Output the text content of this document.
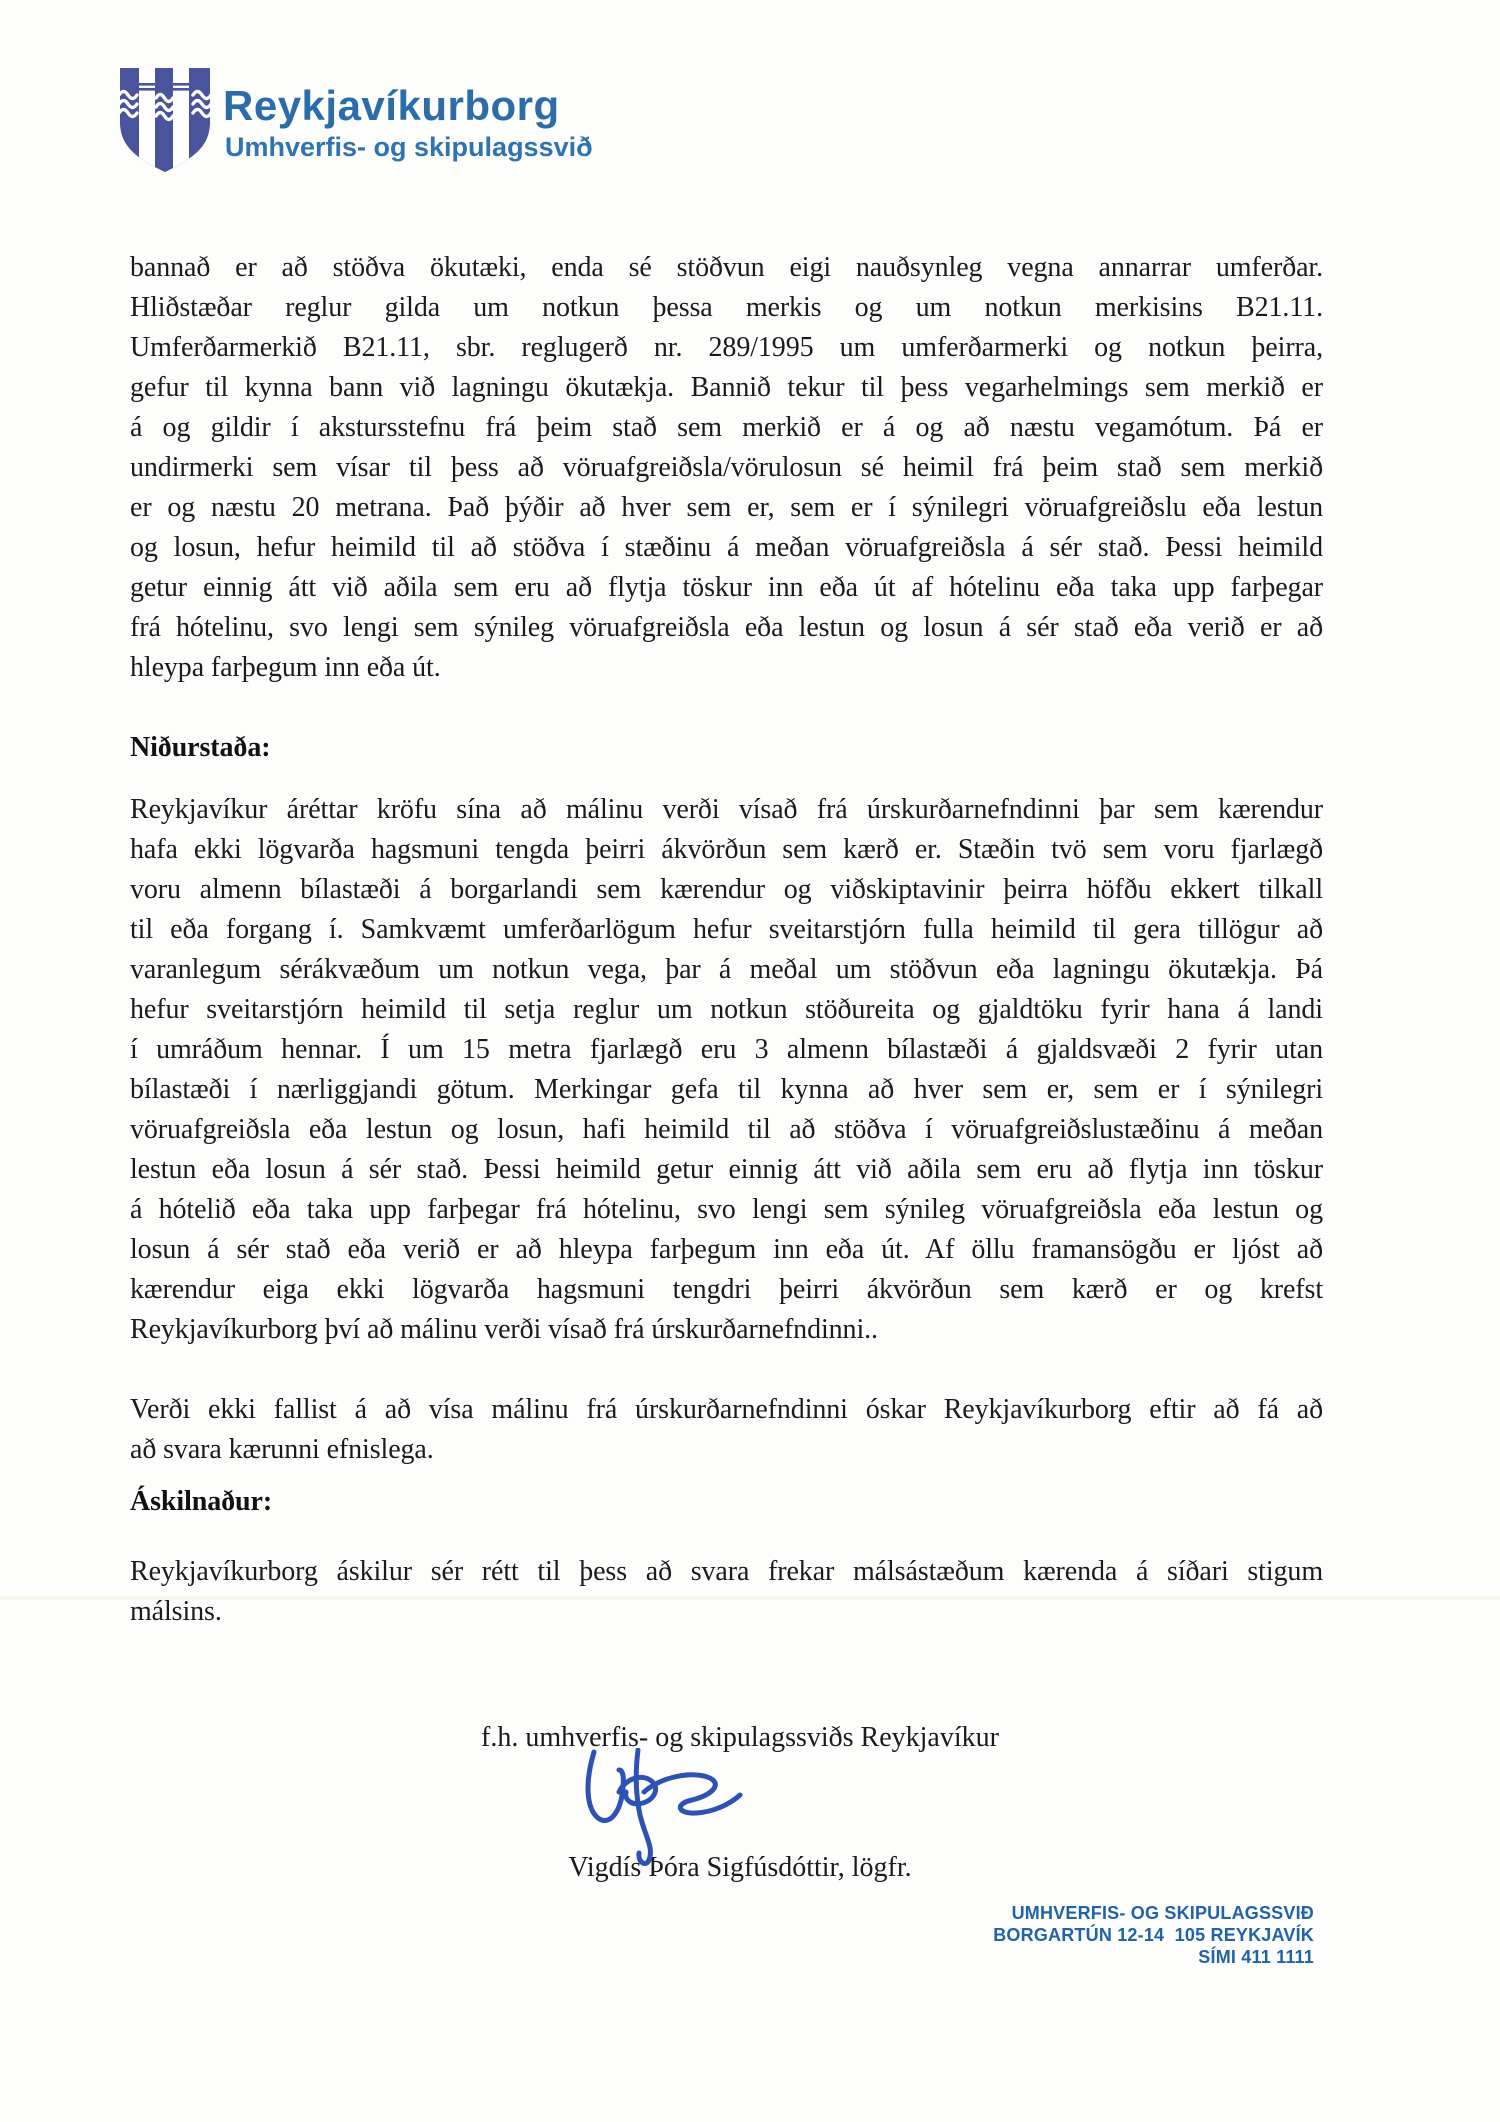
Reykjavíkurborg
Umhverfis- og skipulagssvið
bannað er að stöðva ökutæki, enda sé stöðvun eigi nauðsynleg vegna annarrar umferðar.
Hliðstæðar reglur gilda um notkun þessa merkis og um notkun merkisins B21.11.
Umferðarmerkið B21.11, sbr. reglugerð nr. 289/1995 um umferðarmerki og notkun þeirra,
gefur til kynna bann við lagningu ökutækja. Bannið tekur til þess vegarhelmings sem merkið er
á og gildir í akstursstefnu frá þeim stað sem merkið er á og að næstu vegamótum. Þá er
undirmerki sem vísar til þess að vöruafgreiðsla/vörulosun sé heimil frá þeim stað sem merkið
er og næstu 20 metrana. Það þýðir að hver sem er, sem er í sýnilegri vöruafgreiðslu eða lestun
og losun, hefur heimild til að stöðva í stæðinu á meðan vöruafgreiðsla á sér stað. Þessi heimild
getur einnig átt við aðila sem eru að flytja töskur inn eða út af hótelinu eða taka upp farþegar
frá hótelinu, svo lengi sem sýnileg vöruafgreiðsla eða lestun og losun á sér stað eða verið er að
hleypa farþegum inn eða út.
Niðurstaða:
Reykjavíkur áréttar kröfu sína að málinu verði vísað frá úrskurðarnefndinni þar sem kærendur
hafa ekki lögvarða hagsmuni tengda þeirri ákvörðun sem kærð er. Stæðin tvö sem voru fjarlægð
voru almenn bílastæði á borgarlandi sem kærendur og viðskiptavinir þeirra höfðu ekkert tilkall
til eða forgang í. Samkvæmt umferðarlögum hefur sveitarstjórn fulla heimild til gera tillögur að
varanlegum sérákvæðum um notkun vega, þar á meðal um stöðvun eða lagningu ökutækja. Þá
hefur sveitarstjórn heimild til setja reglur um notkun stöðureita og gjaldtöku fyrir hana á landi
í umráðum hennar. Í um 15 metra fjarlægð eru 3 almenn bílastæði á gjaldsvæði 2 fyrir utan
bílastæði í nærliggjandi götum. Merkingar gefa til kynna að hver sem er, sem er í sýnilegri
vöruafgreiðsla eða lestun og losun, hafi heimild til að stöðva í vöruafgreiðslustæðinu á meðan
lestun eða losun á sér stað. Þessi heimild getur einnig átt við aðila sem eru að flytja inn töskur
á hótelið eða taka upp farþegar frá hótelinu, svo lengi sem sýnileg vöruafgreiðsla eða lestun og
losun á sér stað eða verið er að hleypa farþegum inn eða út. Af öllu framansögðu er ljóst að
kærendur eiga ekki lögvarða hagsmuni tengdri þeirri ákvörðun sem kærð er og krefst
Reykjavíkurborg því að málinu verði vísað frá úrskurðarnefndinni..
Verði ekki fallist á að vísa málinu frá úrskurðarnefndinni óskar Reykjavíkurborg eftir að fá að
að svara kærunni efnislega.
Áskilnaður:
Reykjavíkurborg áskilur sér rétt til þess að svara frekar málsástæðum kærenda á síðari stigum
málsins.
f.h. umhverfis- og skipulagssviðs Reykjavíkur
Vigdís Þóra Sigfúsdóttir, lögfr.
UMHVERFIS- OG SKIPULAGSSVIÐ
BORGARTÚN 12-14  105 REYKJAVÍK
SÍMI 411 1111
